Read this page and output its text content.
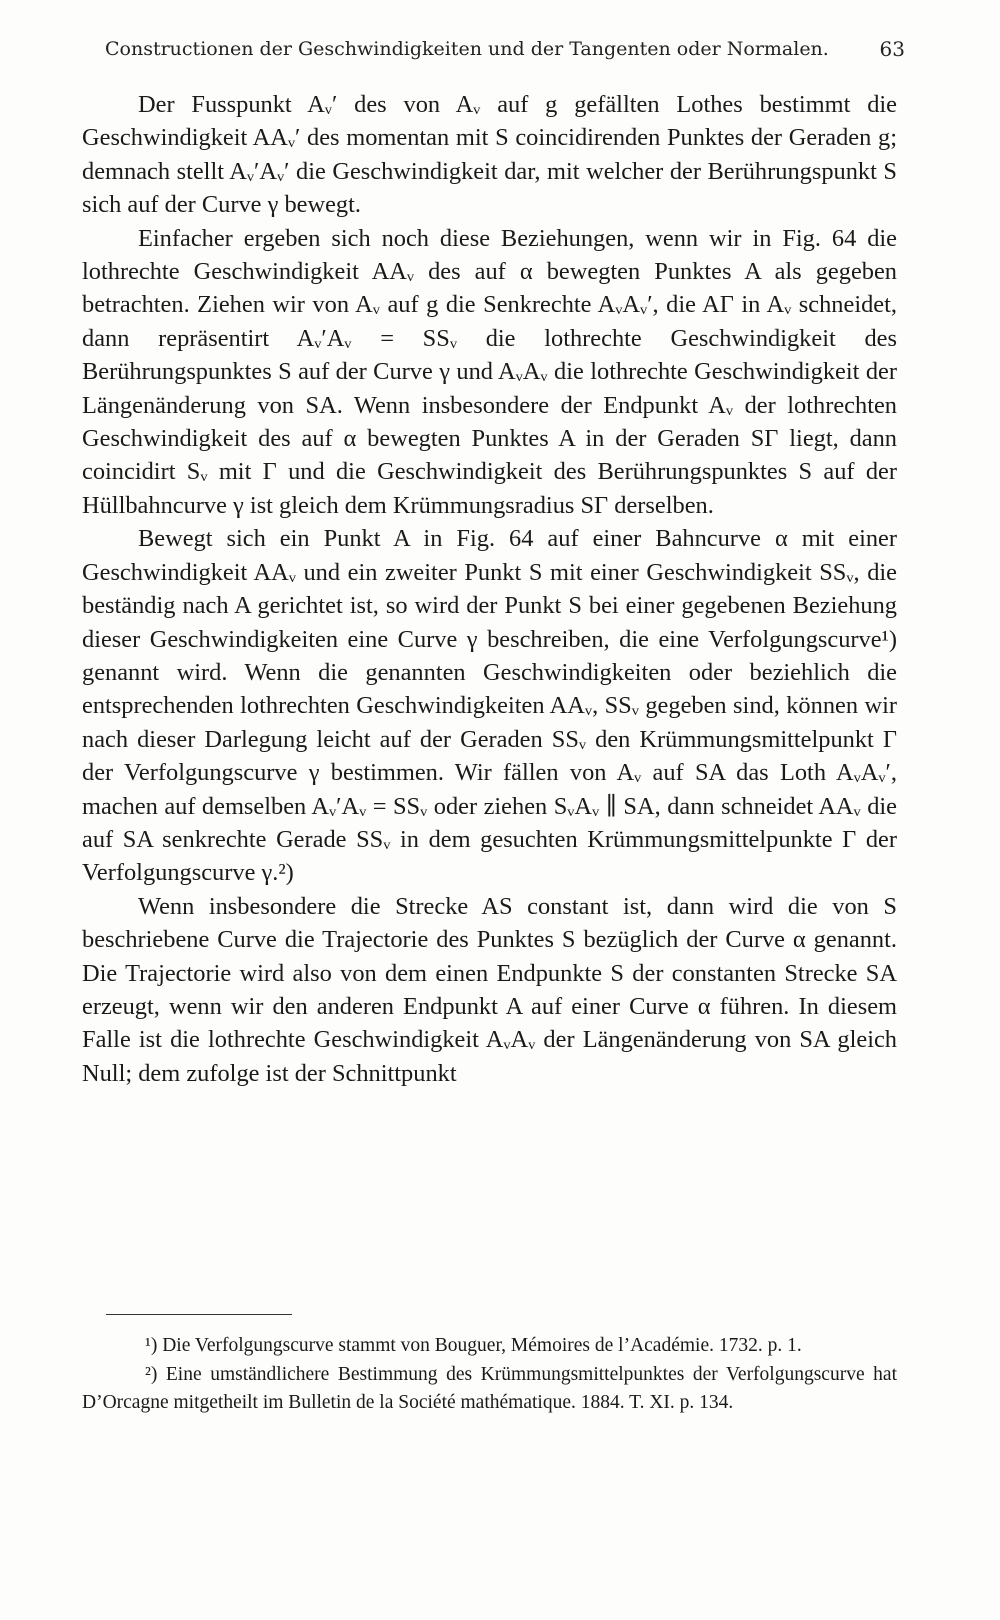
Constructionen der Geschwindigkeiten und der Tangenten oder Normalen.	63

Der Fusspunkt Aᵥ′ des von Aᵥ auf g gefällten Lothes bestimmt die Geschwindigkeit AAᵥ′ des momentan mit S coincidirenden Punktes der Geraden g; demnach stellt Aᵥ′Aᵥ′ die Geschwindigkeit dar, mit welcher der Berührungspunkt S sich auf der Curve γ bewegt.

Einfacher ergeben sich noch diese Beziehungen, wenn wir in Fig. 64 die lothrechte Geschwindigkeit AAᵥ des auf α bewegten Punktes A als gegeben betrachten. Ziehen wir von Aᵥ auf g die Senkrechte AᵥAᵥ′, die AΓ in Aᵥ schneidet, dann repräsentirt Aᵥ′Aᵥ = SSᵥ die lothrechte Geschwindigkeit des Berührungspunktes S auf der Curve γ und AᵥAᵥ die lothrechte Geschwindigkeit der Längenänderung von SA. Wenn insbesondere der Endpunkt Aᵥ der lothrechten Geschwindigkeit des auf α bewegten Punktes A in der Geraden SΓ liegt, dann coincidirt Sᵥ mit Γ und die Geschwindigkeit des Berührungspunktes S auf der Hüllbahncurve γ ist gleich dem Krümmungsradius SΓ derselben.

Bewegt sich ein Punkt A in Fig. 64 auf einer Bahncurve α mit einer Geschwindigkeit AAᵥ und ein zweiter Punkt S mit einer Geschwindigkeit SSᵥ, die beständig nach A gerichtet ist, so wird der Punkt S bei einer gegebenen Beziehung dieser Geschwindigkeiten eine Curve γ beschreiben, die eine Verfolgungscurve¹) genannt wird. Wenn die genannten Geschwindigkeiten oder beziehlich die entsprechenden lothrechten Geschwindigkeiten AAᵥ, SSᵥ gegeben sind, können wir nach dieser Darlegung leicht auf der Geraden SSᵥ den Krümmungsmittelpunkt Γ der Verfolgungscurve γ bestimmen. Wir fällen von Aᵥ auf SA das Loth AᵥAᵥ′, machen auf demselben Aᵥ′Aᵥ = SSᵥ oder ziehen SᵥAᵥ ∥ SA, dann schneidet AAᵥ die auf SA senkrechte Gerade SSᵥ in dem gesuchten Krümmungsmittelpunkte Γ der Verfolgungscurve γ.²)

Wenn insbesondere die Strecke AS constant ist, dann wird die von S beschriebene Curve die Trajectorie des Punktes S bezüglich der Curve α genannt. Die Trajectorie wird also von dem einen Endpunkte S der constanten Strecke SA erzeugt, wenn wir den anderen Endpunkt A auf einer Curve α führen. In diesem Falle ist die lothrechte Geschwindigkeit AᵥAᵥ der Längenänderung von SA gleich Null; dem zufolge ist der Schnittpunkt

¹) Die Verfolgungscurve stammt von Bouguer, Mémoires de l’Académie. 1732. p. 1.

²) Eine umständlichere Bestimmung des Krümmungsmittelpunktes der Verfolgungscurve hat D’Orcagne mitgetheilt im Bulletin de la Société mathématique. 1884. T. XI. p. 134.
